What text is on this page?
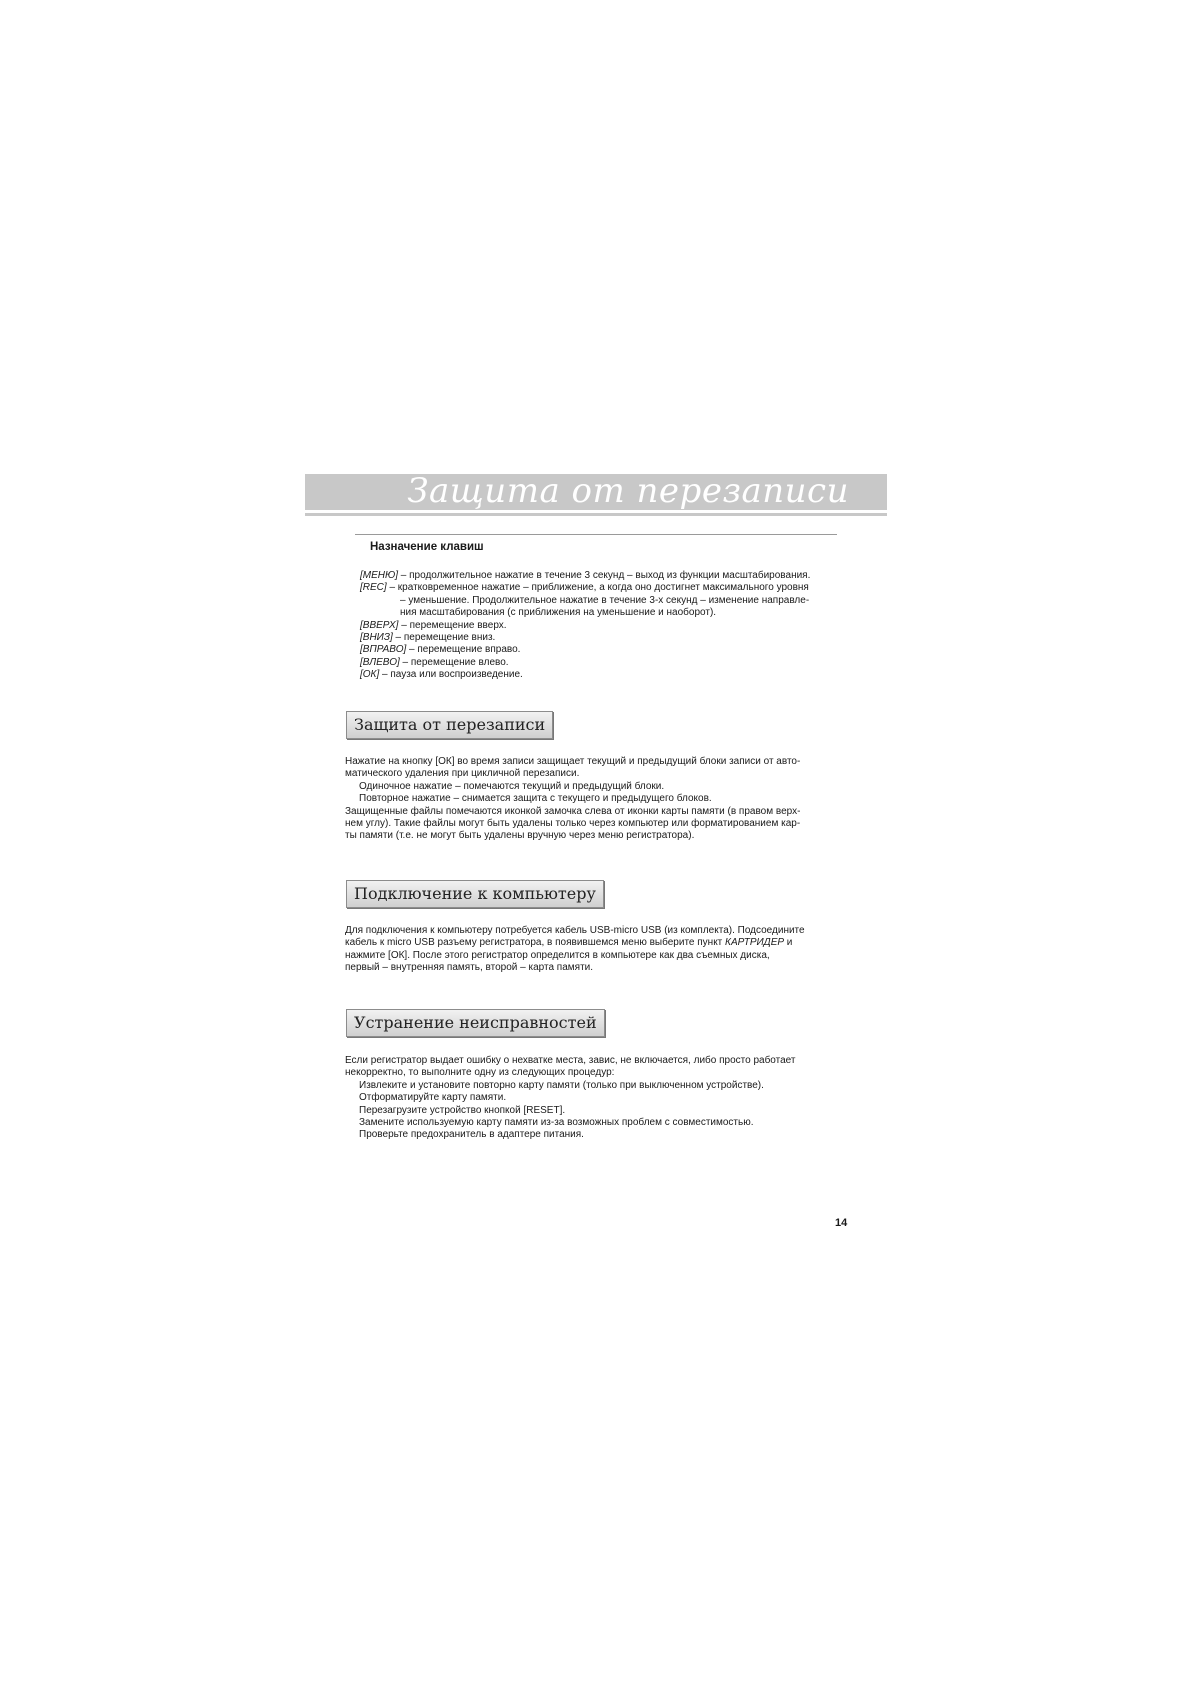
Защита от перезаписи
Назначение клавиш
[МЕНЮ] – продолжительное нажатие в течение 3 секунд – выход из функции масштабирования.
[REC] – кратковременное нажатие – приближение, а когда оно достигнет максимального уровня
– уменьшение. Продолжительное нажатие в течение 3-х секунд – изменение направле-
ния масштабирования (с приближения на уменьшение и наоборот).
[ВВЕРХ] – перемещение вверх.
[ВНИЗ] – перемещение вниз.
[ВПРАВО] – перемещение вправо.
[ВЛЕВО] – перемещение влево.
[ОК] – пауза или воспроизведение.
Защита от перезаписи
Нажатие на кнопку [ОК] во время записи защищает текущий и предыдущий блоки записи от авто-
матического удаления при цикличной перезаписи.
Одиночное нажатие – помечаются текущий и предыдущий блоки.
Повторное нажатие – снимается защита с текущего и предыдущего блоков.
Защищенные файлы помечаются иконкой замочка слева от иконки карты памяти (в правом верх-
нем углу). Такие файлы могут быть удалены только через компьютер или форматированием кар-
ты памяти (т.е. не могут быть удалены вручную через меню регистратора).
Подключение к компьютеру
Для подключения к компьютеру потребуется кабель USB-micro USB (из комплекта). Подсоедините
кабель к micro USB разъему регистратора, в появившемся меню выберите пункт КАРТРИДЕР и
нажмите [ОК]. После этого регистратор определится в компьютере как два съемных диска,
первый – внутренняя память, второй – карта памяти.
Устранение неисправностей
Если регистратор выдает ошибку о нехватке места, завис, не включается, либо просто работает
некорректно, то выполните одну из следующих процедур:
Извлеките и установите повторно карту памяти (только при выключенном устройстве).
Отформатируйте карту памяти.
Перезагрузите устройство кнопкой [RESET].
Замените используемую карту памяти из-за возможных проблем с совместимостью.
Проверьте предохранитель в адаптере питания.
14
